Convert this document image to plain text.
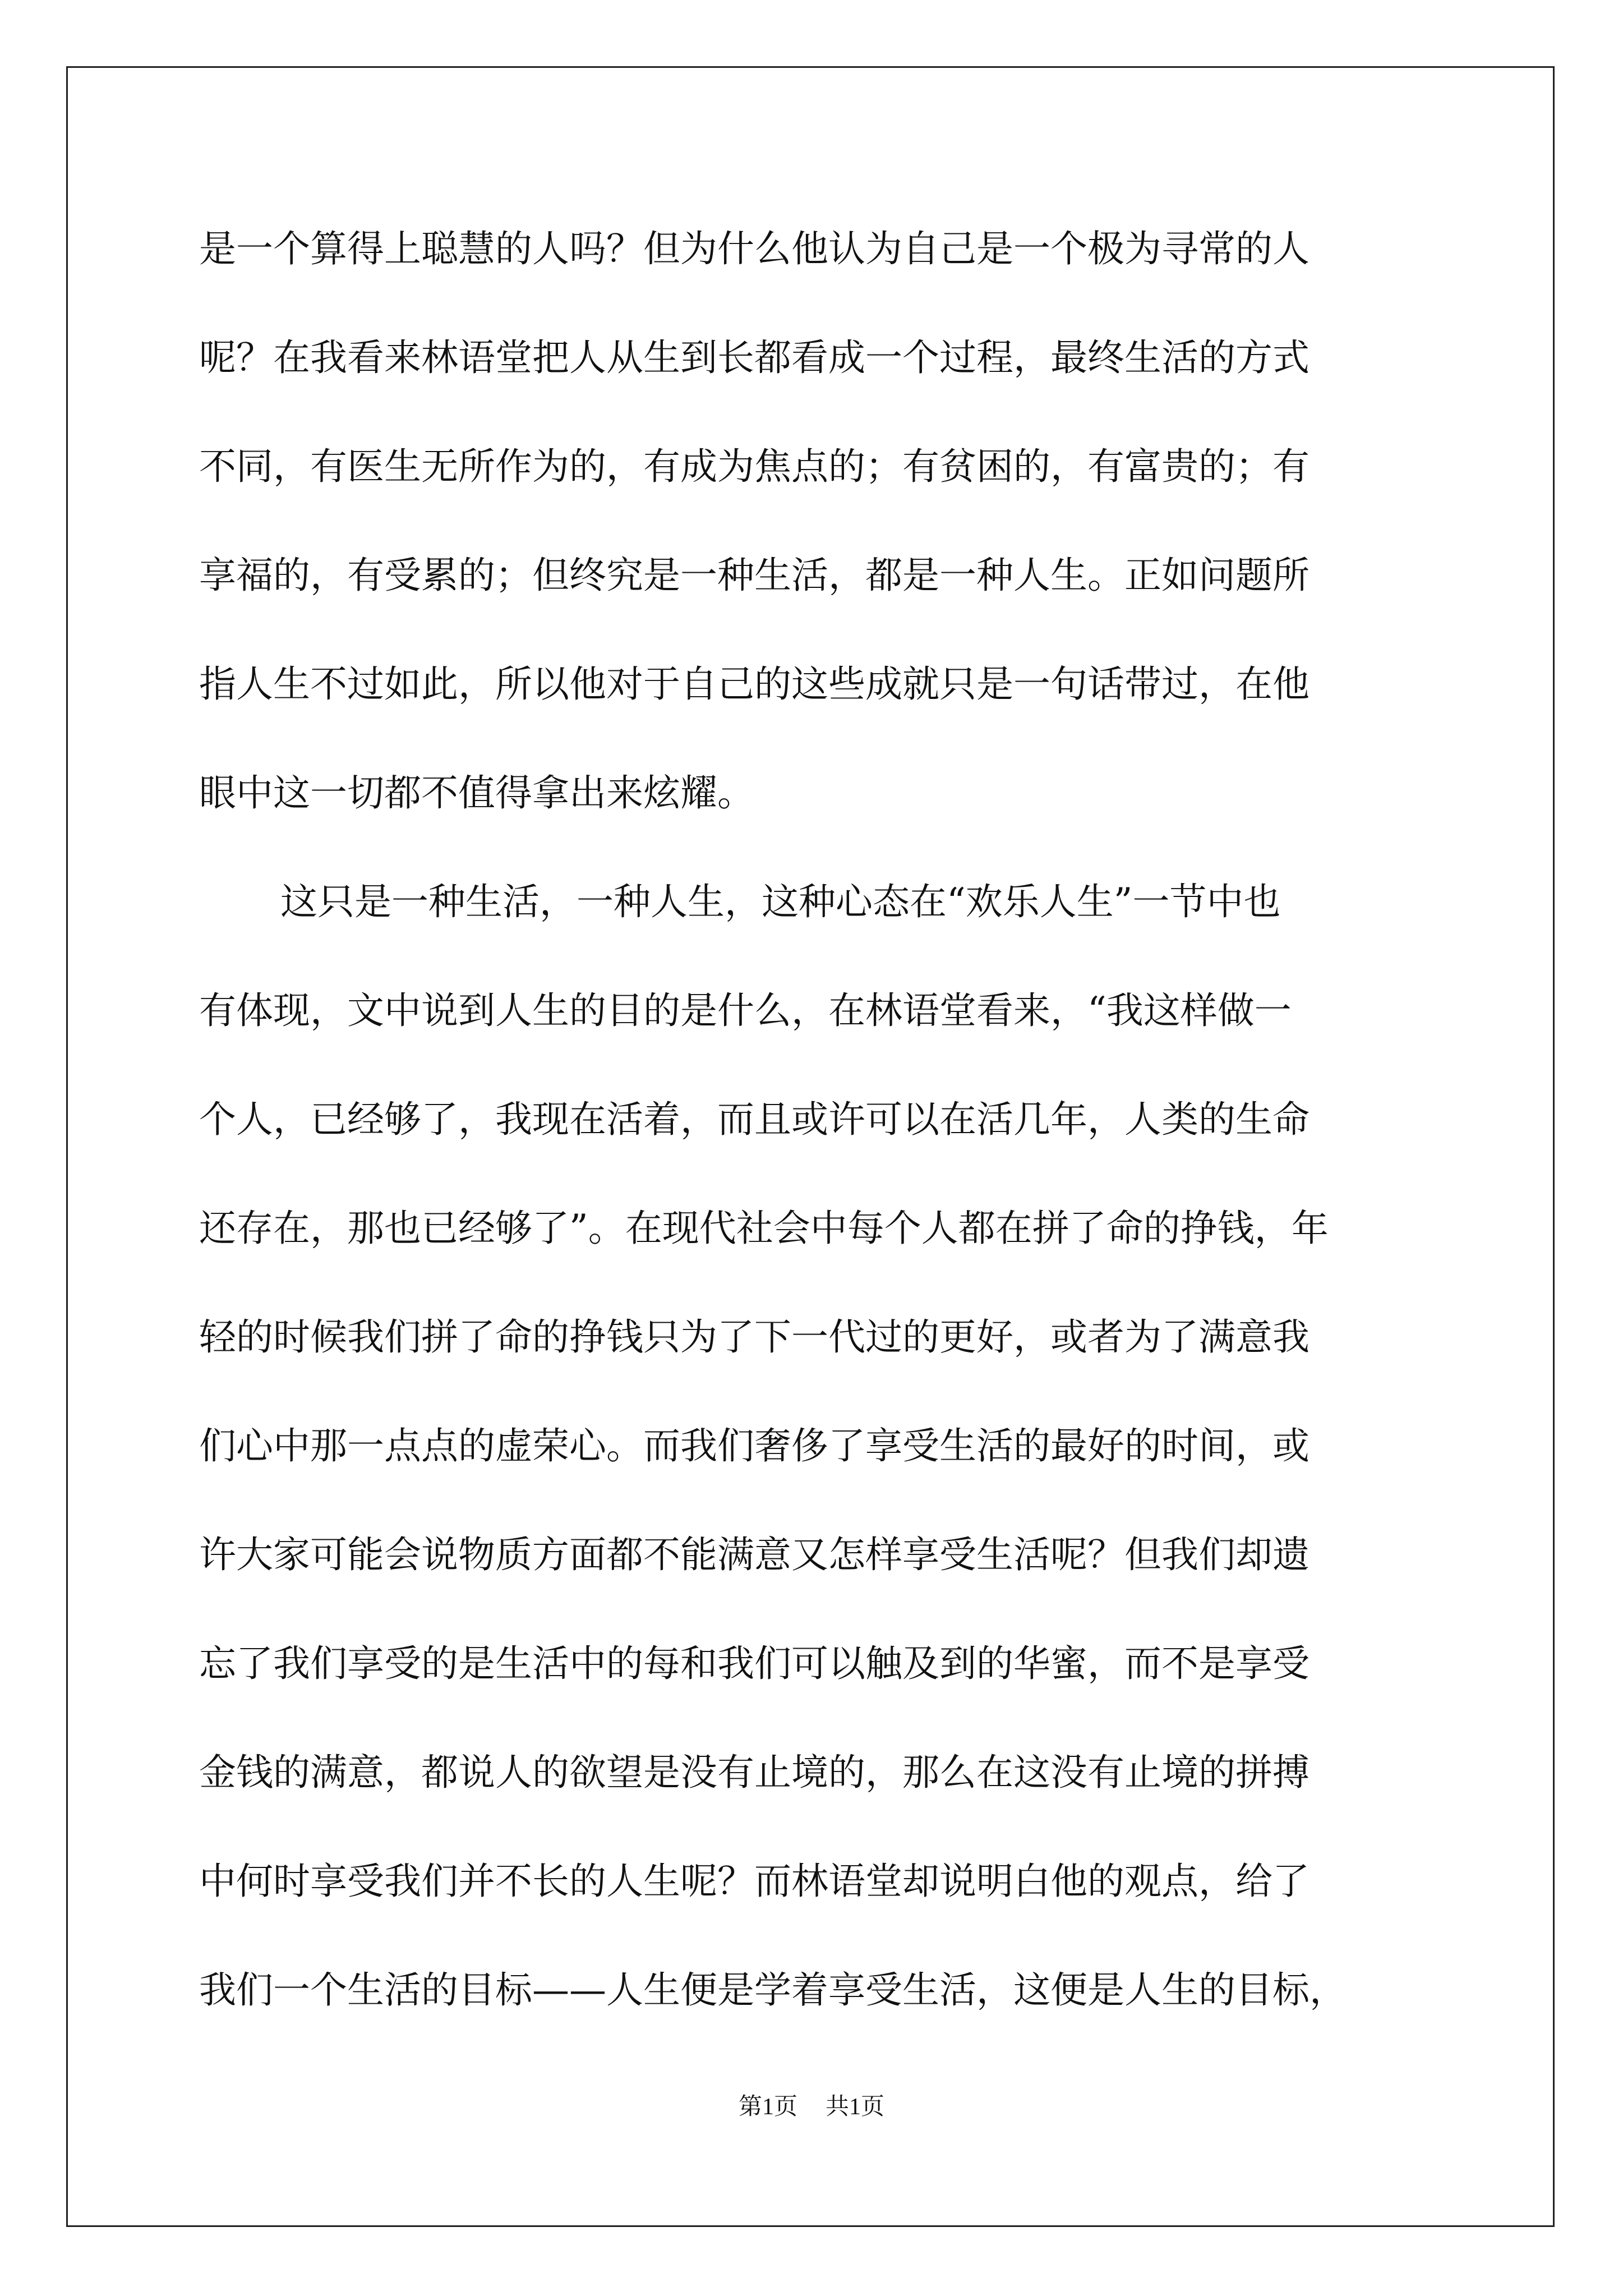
是一个算得上聪慧的人吗？但为什么他认为自己是一个极为寻常的人
呢？在我看来林语堂把人从生到长都看成一个过程，最终生活的方式
不同，有医生无所作为的，有成为焦点的；有贫困的，有富贵的；有
享福的，有受累的；但终究是一种生活，都是一种人生。正如问题所
指人生不过如此，所以他对于自己的这些成就只是一句话带过，在他
眼中这一切都不值得拿出来炫耀。
这只是一种生活，一种人生，这种心态在“欢乐人生”一节中也
有体现，文中说到人生的目的是什么，在林语堂看来，“我这样做一
个人，已经够了，我现在活着，而且或许可以在活几年，人类的生命
还存在，那也已经够了”。在现代社会中每个人都在拼了命的挣钱，年
轻的时候我们拼了命的挣钱只为了下一代过的更好，或者为了满意我
们心中那一点点的虚荣心。而我们奢侈了享受生活的最好的时间，或
许大家可能会说物质方面都不能满意又怎样享受生活呢？但我们却遗
忘了我们享受的是生活中的每和我们可以触及到的华蜜，而不是享受
金钱的满意，都说人的欲望是没有止境的，那么在这没有止境的拼搏
中何时享受我们并不长的人生呢？而林语堂却说明白他的观点，给了
我们一个生活的目标——人生便是学着享受生活，这便是人生的目标，
第1页 共1页
